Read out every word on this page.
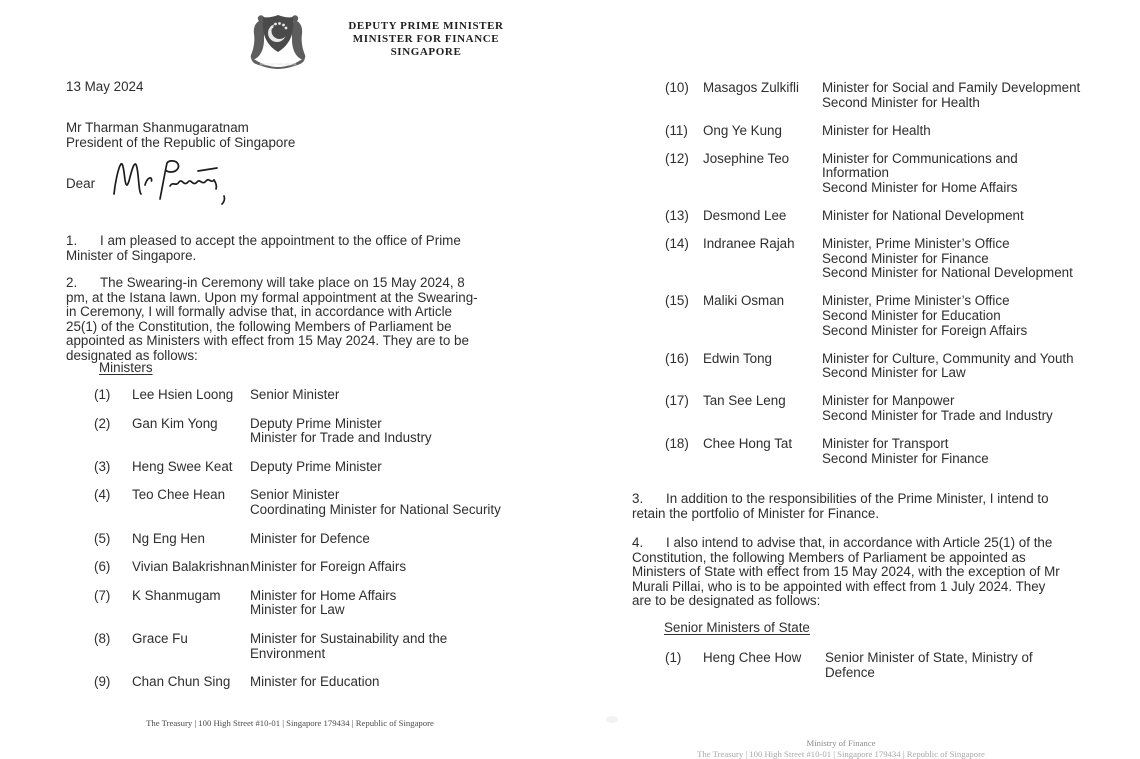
MAJULAH SINGAPURA
DEPUTY PRIME MINISTER
MINISTER FOR FINANCE
SINGAPORE
13 May 2024
Mr Tharman Shanmugaratnam
President of the Republic of Singapore
Dear
1. I am pleased to accept the appointment to the office of Prime Minister of Singapore.
2. The Swearing-in Ceremony will take place on 15 May 2024, 8 pm, at the Istana lawn. Upon my formal appointment at the Swearing-in Ceremony, I will formally advise that, in accordance with Article 25(1) of the Constitution, the following Members of Parliament be appointed as Ministers with effect from 15 May 2024. They are to be designated as follows:
Ministers
(1)	Lee Hsien Loong	Senior Minister
(2)	Gan Kim Yong	Deputy Prime Minister
Minister for Trade and Industry
(3)	Heng Swee Keat	Deputy Prime Minister
(4)	Teo Chee Hean	Senior Minister
Coordinating Minister for National Security
(5)	Ng Eng Hen	Minister for Defence
(6)	Vivian Balakrishnan Minister for Foreign Affairs
(7)	K Shanmugam	Minister for Home Affairs
Minister for Law
(8)	Grace Fu	Minister for Sustainability and the
Environment
(9)	Chan Chun Sing	Minister for Education
The Treasury | 100 High Street #10-01 | Singapore 179434 | Republic of Singapore
(10)	Masagos Zulkifli	Minister for Social and Family Development
Second Minister for Health
(11)	Ong Ye Kung	Minister for Health
(12)	Josephine Teo	Minister for Communications and
Information
Second Minister for Home Affairs
(13)	Desmond Lee	Minister for National Development
(14)	Indranee Rajah	Minister, Prime Minister’s Office
Second Minister for Finance
Second Minister for National Development
(15)	Maliki Osman	Minister, Prime Minister’s Office
Second Minister for Education
Second Minister for Foreign Affairs
(16)	Edwin Tong	Minister for Culture, Community and Youth
Second Minister for Law
(17)	Tan See Leng	Minister for Manpower
Second Minister for Trade and Industry
(18)	Chee Hong Tat	Minister for Transport
Second Minister for Finance
3. In addition to the responsibilities of the Prime Minister, I intend to retain the portfolio of Minister for Finance.
4. I also intend to advise that, in accordance with Article 25(1) of the Constitution, the following Members of Parliament be appointed as Ministers of State with effect from 15 May 2024, with the exception of Mr Murali Pillai, who is to be appointed with effect from 1 July 2024. They are to be designated as follows:
Senior Ministers of State
(1)	Heng Chee How	Senior Minister of State, Ministry of
Defence
Ministry of Finance
The Treasury | 100 High Street #10-01 | Singapore 179434 | Republic of Singapore
